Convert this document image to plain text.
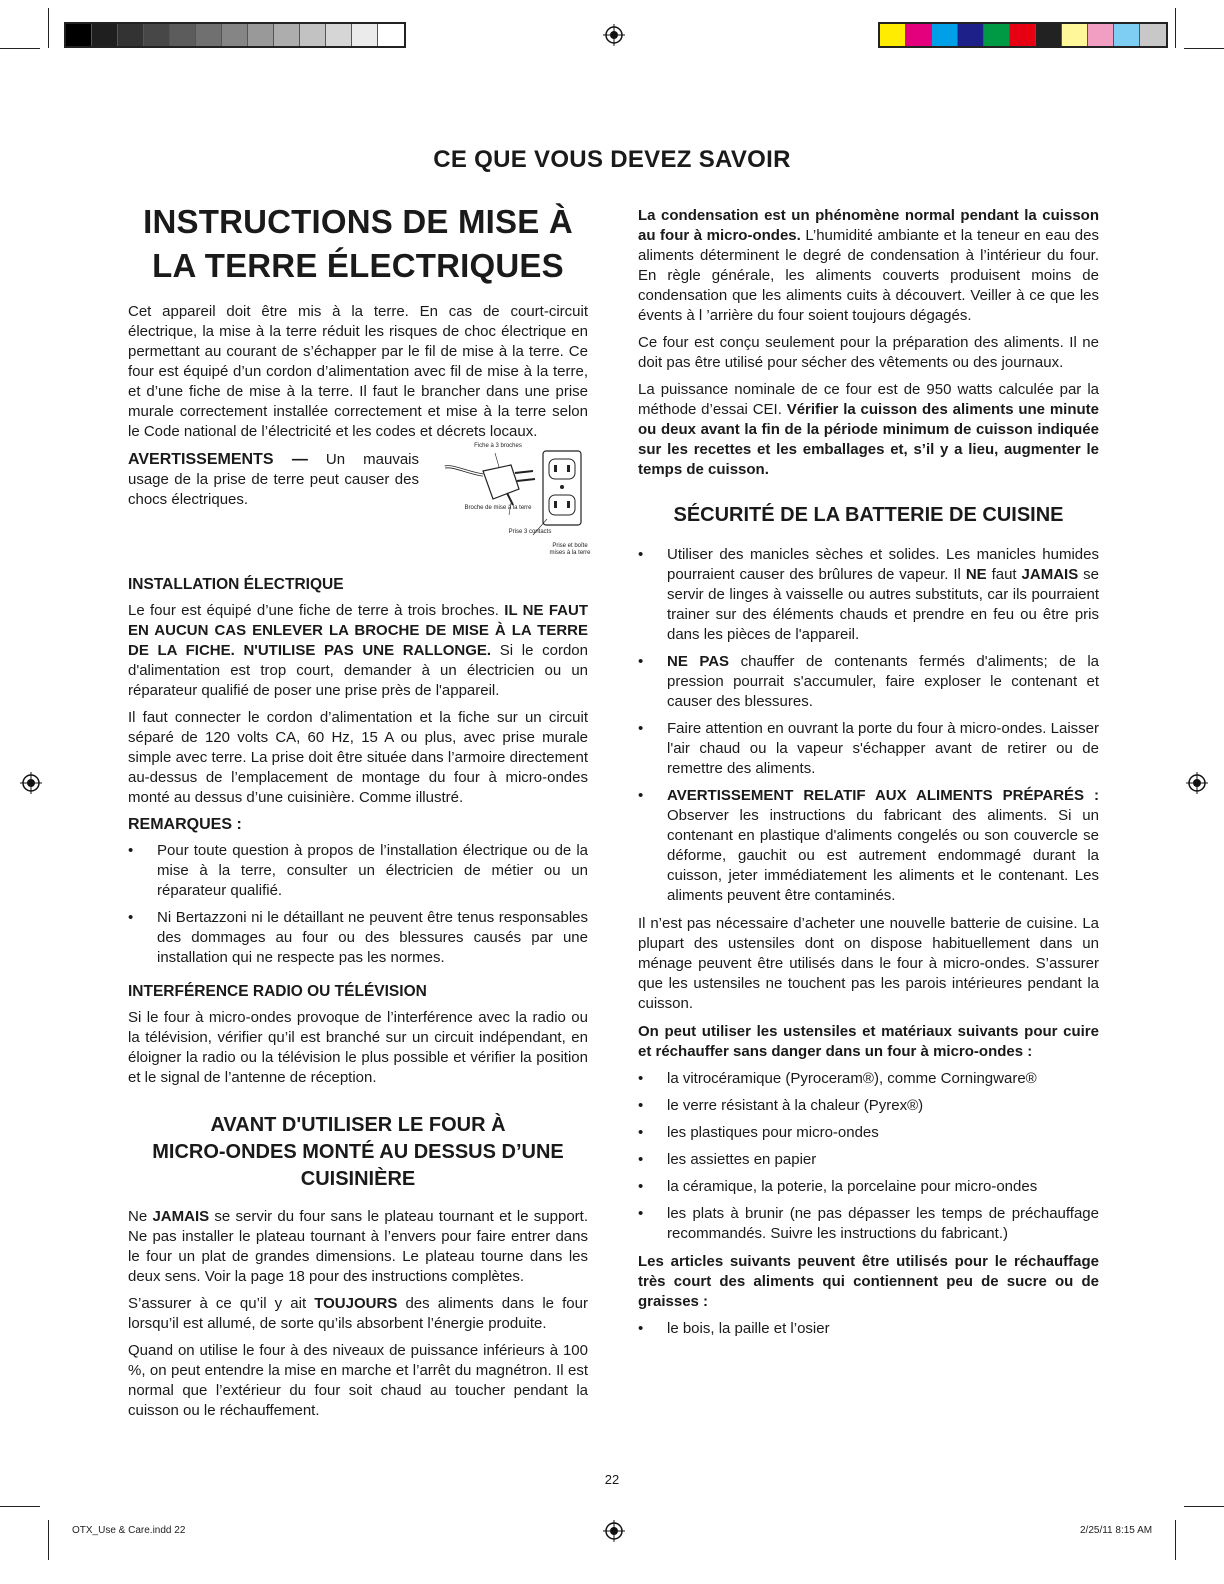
CE QUE VOUS DEVEZ SAVOIR
INSTRUCTIONS DE MISE À
LA TERRE ÉLECTRIQUES

Cet appareil doit être mis à la terre. En cas de court-circuit électrique, la mise à la terre réduit les risques de choc électrique en permettant au courant de s’échapper par le fil de mise à la terre. Ce four est équipé d’un cordon d’alimentation avec fil de mise à la terre, et d’une fiche de mise à la terre. Il faut le brancher dans une prise murale correctement installée correctement et mise à la terre selon le Code national de l’électricité et les codes et décrets locaux.

Fiche à 3 broches
Broche de mise à la terre
Prise 3 contacts
Prise et boîte mises à la terre

AVERTISSEMENTS — Un mauvais usage de la prise de terre peut causer des chocs électriques.

INSTALLATION ÉLECTRIQUE

Le four est équipé d’une fiche de terre à trois broches. IL NE FAUT EN AUCUN CAS ENLEVER LA BROCHE DE MISE À LA TERRE DE LA FICHE. N'UTILISE PAS UNE RALLONGE. Si le cordon d'alimentation est trop court, demander à un électricien ou un réparateur qualifié de poser une prise près de l'appareil.

Il faut connecter le cordon d’alimentation et la fiche sur un circuit séparé de 120 volts CA, 60 Hz, 15 A ou plus, avec prise murale simple avec terre. La prise doit être située dans l’armoire directement au-dessus de l’emplacement de montage du four à micro-ondes monté au dessus d’une cuisinière. Comme illustré.

REMARQUES :
• Pour toute question à propos de l’installation électrique ou de la mise à la terre, consulter un électricien de métier ou un réparateur qualifié.
• Ni Bertazzoni ni le détaillant ne peuvent être tenus responsables des dommages au four ou des blessures causés par une installation qui ne respecte pas les normes.
INTERFÉRENCE RADIO OU TÉLÉVISION

Si le four à micro-ondes provoque de l’interférence avec la radio ou la télévision, vérifier qu’il est branché sur un circuit indépendant, en éloigner la radio ou la télévision le plus possible et vérifier la position et le signal de l’antenne de réception.

AVANT D'UTILISER LE FOUR À
MICRO-ONDES MONTÉ AU DESSUS D’UNE
CUISINIÈRE

Ne JAMAIS se servir du four sans le plateau tournant et le support. Ne pas installer le plateau tournant à l’envers pour faire entrer dans le four un plat de grandes dimensions. Le plateau tourne dans les deux sens. Voir la page 18 pour des instructions complètes.

S’assurer à ce qu’il y ait TOUJOURS des aliments dans le four lorsqu’il est allumé, de sorte qu’ils absorbent l’énergie produite.

Quand on utilise le four à des niveaux de puissance inférieurs à 100 %, on peut entendre la mise en marche et l’arrêt du magnétron. Il est normal que l’extérieur du four soit chaud au toucher pendant la cuisson ou le réchauffement.

La condensation est un phénomène normal pendant la cuisson au four à micro-ondes. L’humidité ambiante et la teneur en eau des aliments déterminent le degré de condensation à l’intérieur du four. En règle générale, les aliments couverts produisent moins de condensation que les aliments cuits à découvert. Veiller à ce que les évents à l ’arrière du four soient toujours dégagés.

Ce four est conçu seulement pour la préparation des aliments. Il ne doit pas être utilisé pour sécher des vêtements ou des journaux.

La puissance nominale de ce four est de 950 watts calculée par la méthode d’essai CEI. Vérifier la cuisson des aliments une minute ou deux avant la fin de la période minimum de cuisson indiquée sur les recettes et les emballages et, s’il y a lieu, augmenter le temps de cuisson.

SÉCURITÉ DE LA BATTERIE DE CUISINE
• Utiliser des manicles sèches et solides. Les manicles humides pourraient causer des brûlures de vapeur. Il NE faut JAMAIS se servir de linges à vaisselle ou autres substituts, car ils pourraient trainer sur des éléments chauds et prendre en feu ou être pris dans les pièces de l'appareil.
• NE PAS chauffer de contenants fermés d'aliments; de la pression pourrait s'accumuler, faire exploser le contenant et causer des blessures.
• Faire attention en ouvrant la porte du four à micro-ondes. Laisser l'air chaud ou la vapeur s'échapper avant de retirer ou de remettre des aliments.
• AVERTISSEMENT RELATIF AUX ALIMENTS PRÉPARÉS : Observer les instructions du fabricant des aliments. Si un contenant en plastique d'aliments congelés ou son couvercle se déforme, gauchit ou est autrement endommagé durant la cuisson, jeter immédiatement les aliments et le contenant. Les aliments peuvent être contaminés.

Il n’est pas nécessaire d’acheter une nouvelle batterie de cuisine. La plupart des ustensiles dont on dispose habituellement dans un ménage peuvent être utilisés dans le four à micro-ondes. S’assurer que les ustensiles ne touchent pas les parois intérieures pendant la cuisson.

On peut utiliser les ustensiles et matériaux suivants pour cuire et réchauffer sans danger dans un four à micro-ondes :

• la vitrocéramique (Pyroceram®), comme Corningware®
• le verre résistant à la chaleur (Pyrex®)
• les plastiques pour micro-ondes
• les assiettes en papier
• la céramique, la poterie, la porcelaine pour micro-ondes
• les plats à brunir (ne pas dépasser les temps de préchauffage recommandés. Suivre les instructions du fabricant.)

Les articles suivants peuvent être utilisés pour le réchauffage très court des aliments qui contiennent peu de sucre ou de graisses :

• le bois, la paille et l’osier
22
OTX_Use & Care.indd 22	2/25/11 8:15 AM
